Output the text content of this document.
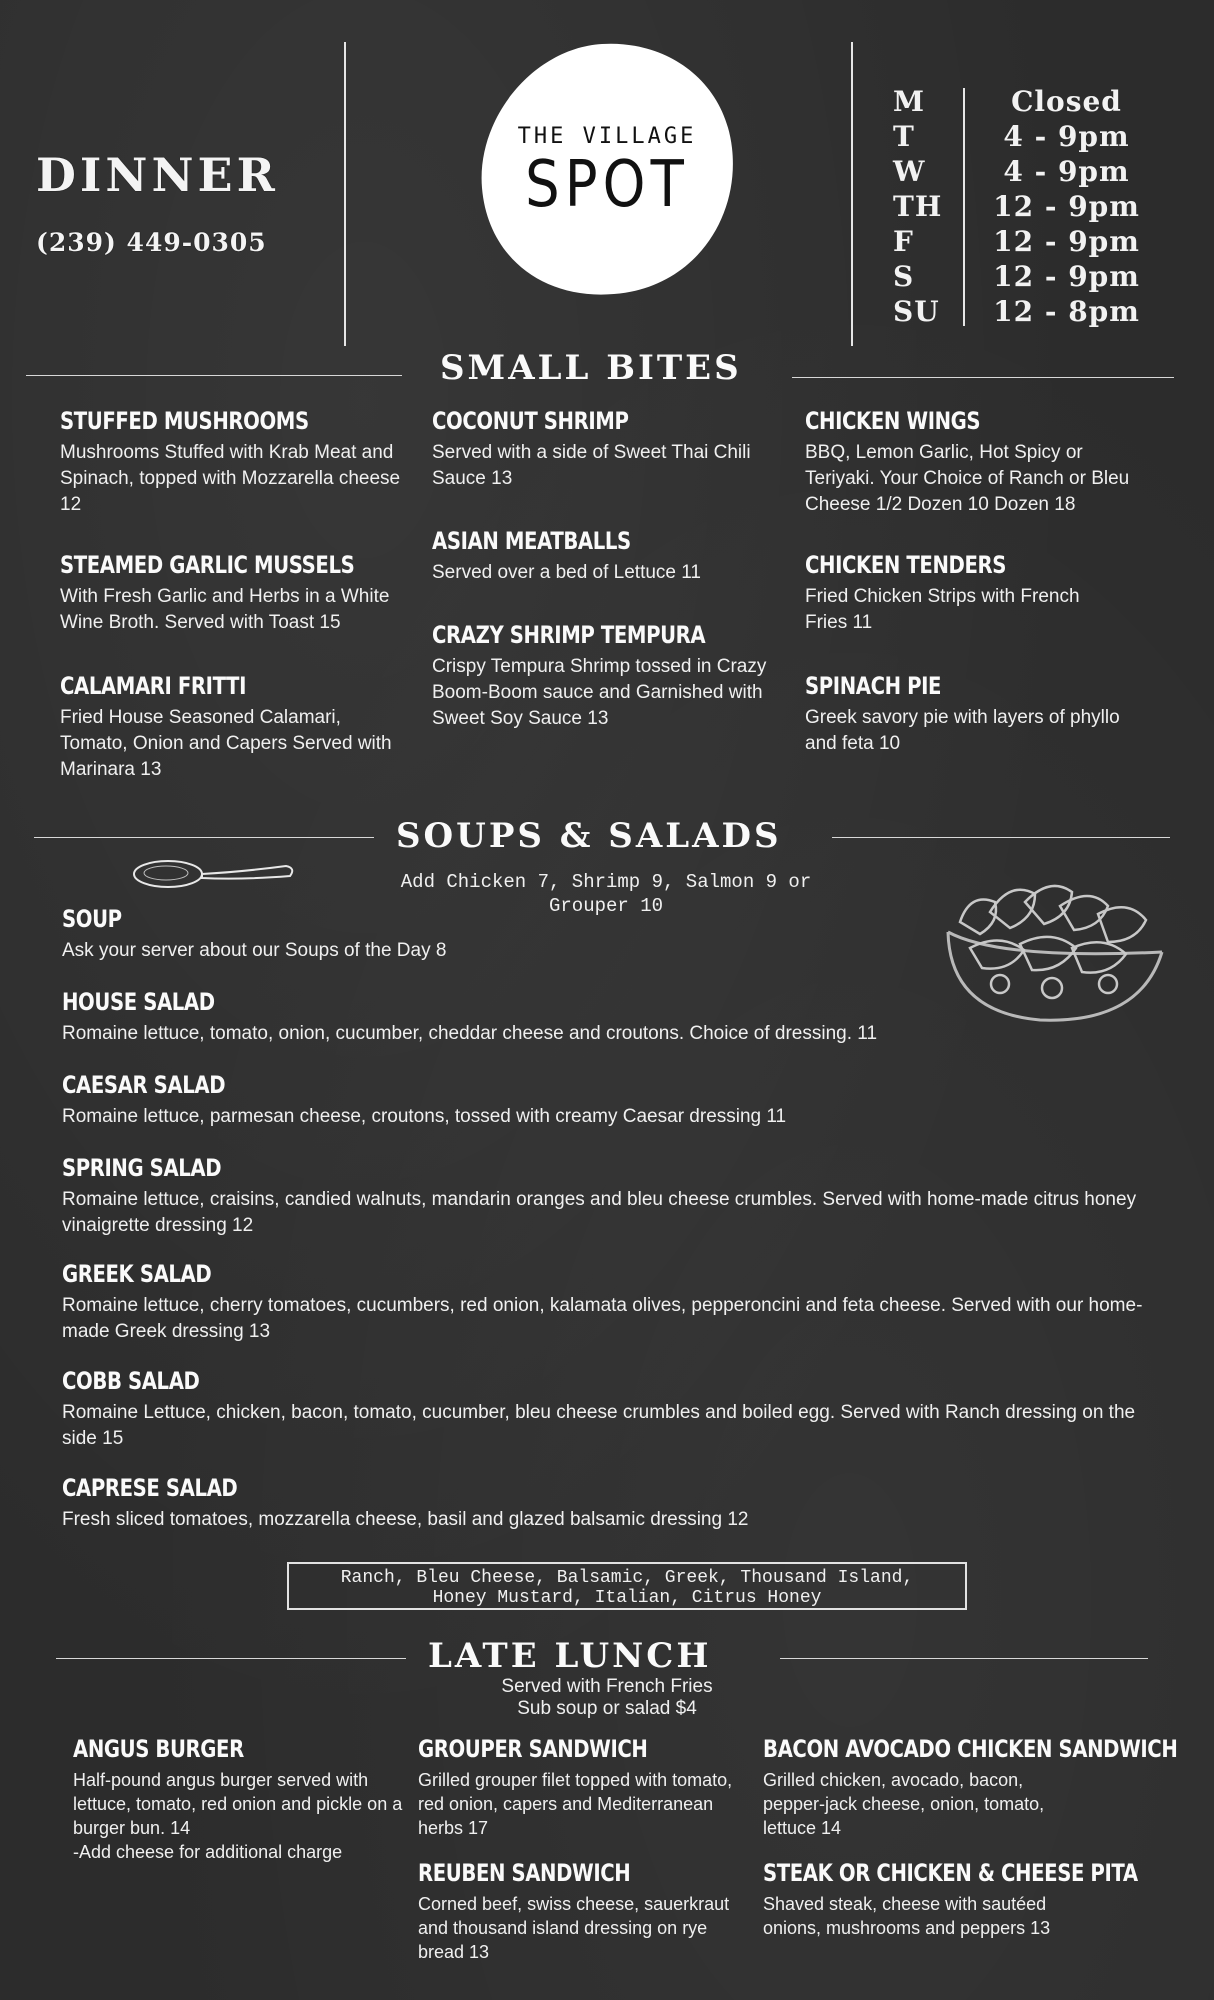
DINNER
(239) 449-0305
THE VILLAGE
SPOT
M	Closed
T	4 - 9pm
W	4 - 9pm
TH	12 - 9pm
F	12 - 9pm
S	12 - 9pm
SU	12 - 8pm
SMALL BITES
STUFFED MUSHROOMS
Mushrooms Stuffed with Krab Meat and Spinach, topped with Mozzarella cheese 12
STEAMED GARLIC MUSSELS
With Fresh Garlic and Herbs in a White Wine Broth. Served with Toast 15
CALAMARI FRITTI
Fried House Seasoned Calamari, Tomato, Onion and Capers Served with Marinara 13
COCONUT SHRIMP
Served with a side of Sweet Thai Chili Sauce 13
ASIAN MEATBALLS
Served over a bed of Lettuce 11
CRAZY SHRIMP TEMPURA
Crispy Tempura Shrimp tossed in Crazy Boom-Boom sauce and Garnished with Sweet Soy Sauce 13
CHICKEN WINGS
BBQ, Lemon Garlic, Hot Spicy or Teriyaki. Your Choice of Ranch or Bleu Cheese 1/2 Dozen 10 Dozen 18
CHICKEN TENDERS
Fried Chicken Strips with French Fries 11
SPINACH PIE
Greek savory pie with layers of phyllo and feta 10
SOUPS & SALADS
Add Chicken 7, Shrimp 9, Salmon 9 or Grouper 10
SOUP
Ask your server about our Soups of the Day 8
HOUSE SALAD
Romaine lettuce, tomato, onion, cucumber, cheddar cheese and croutons. Choice of dressing. 11
CAESAR SALAD
Romaine lettuce, parmesan cheese, croutons, tossed with creamy Caesar dressing 11
SPRING SALAD
Romaine lettuce, craisins, candied walnuts, mandarin oranges and bleu cheese crumbles. Served with home-made citrus honey vinaigrette dressing 12
GREEK SALAD
Romaine lettuce, cherry tomatoes, cucumbers, red onion, kalamata olives, pepperoncini and feta cheese. Served with our home-made Greek dressing 13
COBB SALAD
Romaine Lettuce, chicken, bacon, tomato, cucumber, bleu cheese crumbles and boiled egg. Served with Ranch dressing on the side 15
CAPRESE SALAD
Fresh sliced tomatoes, mozzarella cheese, basil and glazed balsamic dressing 12
Ranch, Bleu Cheese, Balsamic, Greek, Thousand Island,
Honey Mustard, Italian, Citrus Honey
LATE LUNCH
Served with French Fries
Sub soup or salad $4
ANGUS BURGER
Half-pound angus burger served with lettuce, tomato, red onion and pickle on a burger bun. 14
-Add cheese for additional charge
GROUPER SANDWICH
Grilled grouper filet topped with tomato, red onion, capers and Mediterranean herbs 17
REUBEN SANDWICH
Corned beef, swiss cheese, sauerkraut and thousand island dressing on rye bread 13
BACON AVOCADO CHICKEN SANDWICH
Grilled chicken, avocado, bacon, pepper-jack cheese, onion, tomato, lettuce 14
STEAK OR CHICKEN & CHEESE PITA
Shaved steak, cheese with sautéed onions, mushrooms and peppers 13
